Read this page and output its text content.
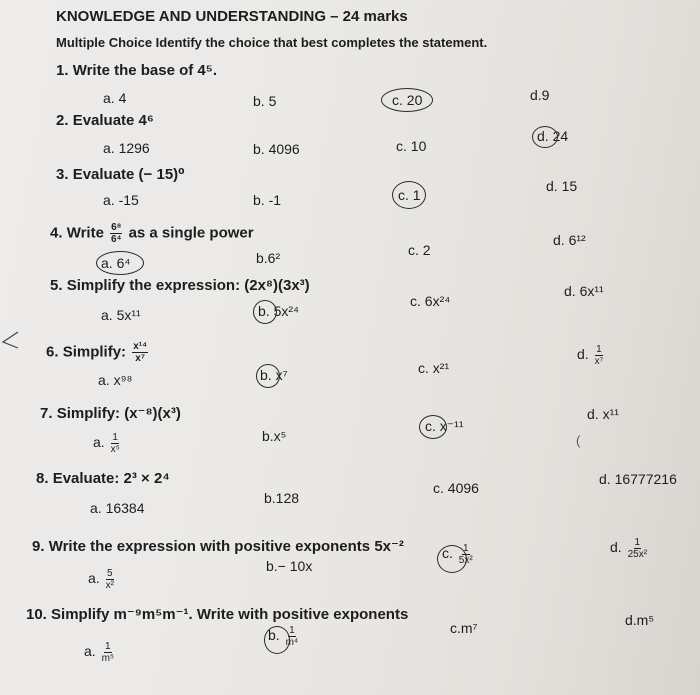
KNOWLEDGE AND UNDERSTANDING – 24 marks
Multiple Choice Identify the choice that best completes the statement.
1. Write the base of 4⁵.
a. 4	b. 5	c. 20	d.9
2. Evaluate 4⁶
a. 1296	b. 4096	c. 10
d. 24
3. Evaluate (− 15)⁰
a. -15	b. -1	c. 1
d. 15
4. Write $\frac{\text{6⁸}}{\text{6⁴}}$ as a single power
a. 6⁴	b.6²	c. 2
d. 6¹²
5. Simplify the expression: (2x⁸)(3x³)
a. 5x¹¹	b. 5x²⁴
c. 6x²⁴
d. 6x¹¹
6. Simplify: $\frac{\text{x¹⁴}}{\text{x⁷}}$
a. x⁹⁸	b. x⁷	c. x²¹
d. $\frac{1}{\text{x⁷}}$
7. Simplify: (x⁻⁸)(x³)
a. $\frac{1}{\text{x⁵}}$	b.x⁵
c. x⁻¹¹
d. x¹¹
(
8. Evaluate: 2³ × 2⁴
a. 16384
b.128
c. 4096
d. 16777216
9. Write the expression with positive exponents 5x⁻²
a. $\frac{5}{\text{x²}}$
b.− 10x
c. $\frac{1}{\text{5x²}}$	d. $\frac{1}{\text{25x²}}$
10. Simplify m⁻⁹m⁵m⁻¹. Write with positive exponents
a. $\frac{1}{\text{m⁵}}$
b. $\frac{1}{\text{m⁴}}$	c.m⁷	d.m⁵
